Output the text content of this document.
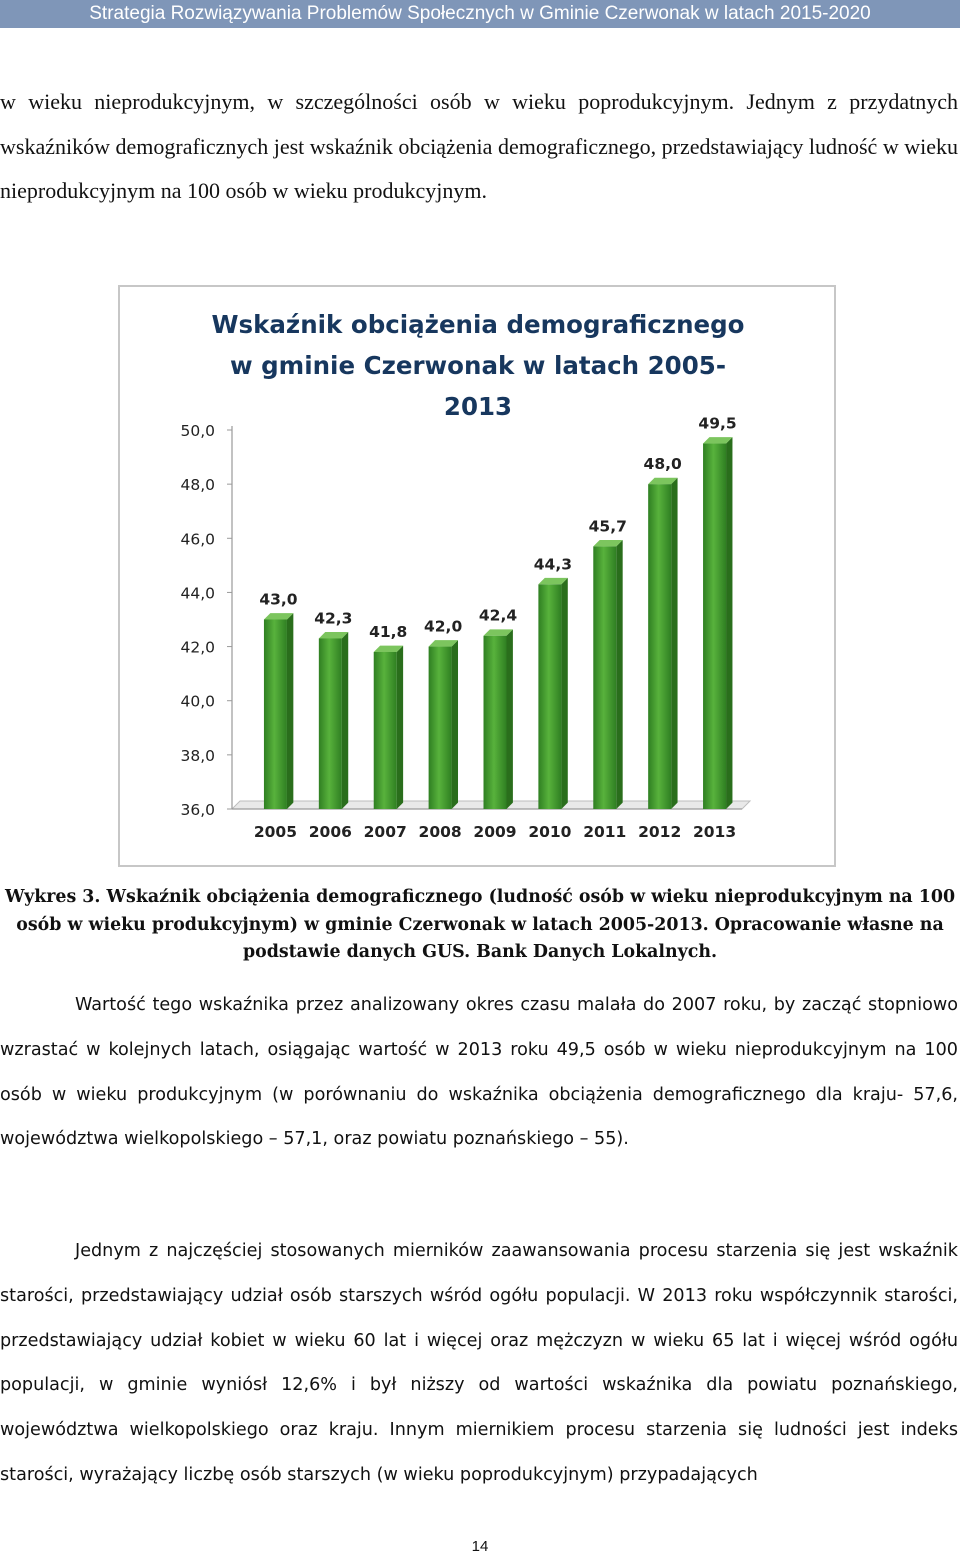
Strategia Rozwiązywania Problemów Społecznych w Gminie Czerwonak w latach 2015-2020

w wieku nieprodukcyjnym, w szczególności osób w wieku poprodukcyjnym. Jednym z przydatnych wskaźników demograficznych jest wskaźnik obciążenia demograficznego, przedstawiający ludność w wieku nieprodukcyjnym na 100 osób w wieku produkcyjnym.

Wskaźnik obciążenia demograficznego
w gminie Czerwonak w latach 2005-
2013
36,0
38,0
40,0
42,0
44,0
46,0
48,0
50,0
43,0
42,3
41,8 42,0
42,4
44,3
45,7
48,0
49,5
2005 2006 2007 2008 2009 2010 2011 2012 2013

Wykres 3. Wskaźnik obciążenia demograficznego (ludność osób w wieku nieprodukcyjnym na 100 osób w wieku produkcyjnym) w gminie Czerwonak w latach 2005-2013. Opracowanie własne na podstawie danych GUS. Bank Danych Lokalnych.

Wartość tego wskaźnika przez analizowany okres czasu malała do 2007 roku, by zacząć stopniowo wzrastać w kolejnych latach, osiągając wartość w 2013 roku 49,5 osób w wieku nieprodukcyjnym na 100 osób w wieku produkcyjnym (w porównaniu do wskaźnika obciążenia demograficznego dla kraju- 57,6, województwa wielkopolskiego – 57,1, oraz powiatu poznańskiego – 55).

Jednym z najczęściej stosowanych mierników zaawansowania procesu starzenia się jest wskaźnik starości, przedstawiający udział osób starszych wśród ogółu populacji. W 2013 roku współczynnik starości, przedstawiający udział kobiet w wieku 60 lat i więcej oraz mężczyzn w wieku 65 lat i więcej wśród ogółu populacji, w gminie wyniósł 12,6% i był niższy od wartości wskaźnika dla powiatu poznańskiego, województwa wielkopolskiego oraz kraju. Innym miernikiem procesu starzenia się ludności jest indeks starości, wyrażający liczbę osób starszych (w wieku poprodukcyjnym) przypadających

14
